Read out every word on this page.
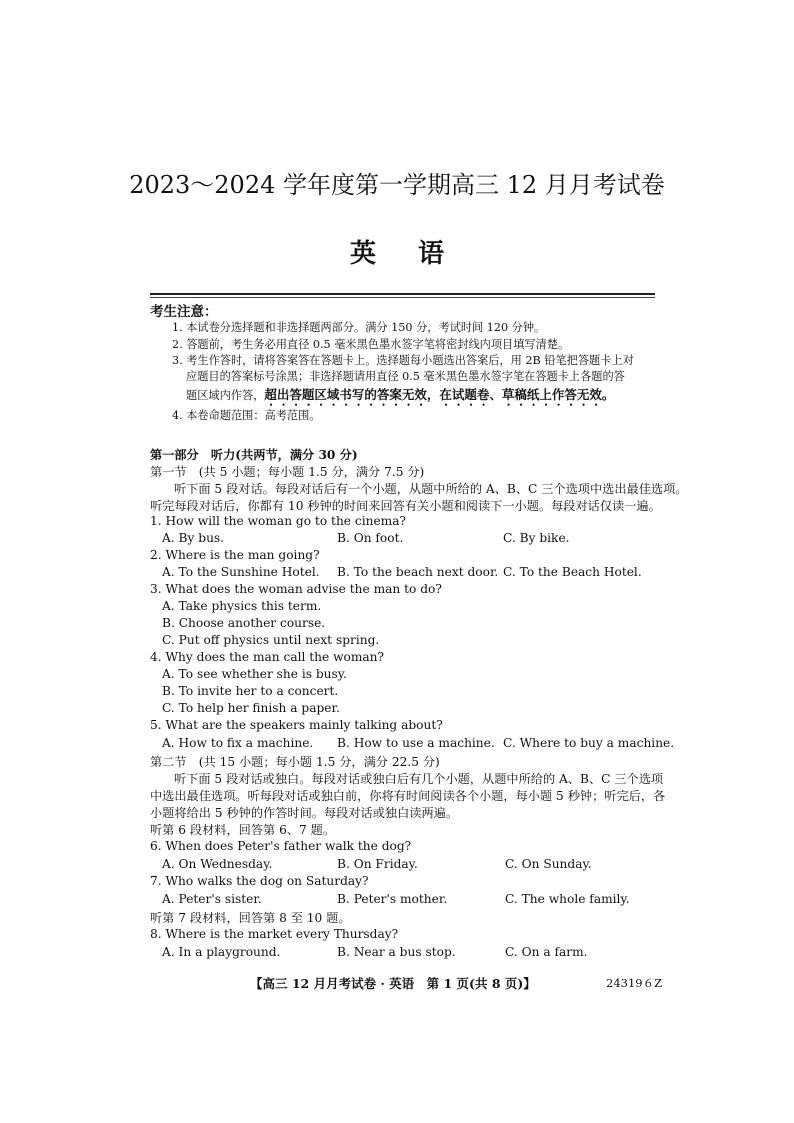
2023～2024 学年度第一学期高三 12 月月考试卷
英语
考生注意：
1. 本试卷分选择题和非选择题两部分。满分 150 分，考试时间 120 分钟。
2. 答题前，考生务必用直径 0.5 毫米黑色墨水签字笔将密封线内项目填写清楚。
3. 考生作答时，请将答案答在答题卡上。选择题每小题选出答案后，用 2B 铅笔把答题卡上对
应题目的答案标号涂黑；非选择题请用直径 0.5 毫米黑色墨水签字笔在答题卡上各题的答
题区域内作答，超出答题区域书写的答案无效，在试题卷、草稿纸上作答无效。
4. 本卷命题范围：高考范围。
第一部分　听力(共两节，满分 30 分)
第一节　(共 5 小题；每小题 1.5 分，满分 7.5 分)
听下面 5 段对话。每段对话后有一个小题，从题中所给的 A、B、C 三个选项中选出最佳选项。
听完每段对话后，你都有 10 秒钟的时间来回答有关小题和阅读下一小题。每段对话仅读一遍。
1. How will the woman go to the cinema?
A. By bus.	B. On foot.	C. By bike.
2. Where is the man going?
A. To the Sunshine Hotel. B. To the beach next door. C. To the Beach Hotel.
3. What does the woman advise the man to do?
A. Take physics this term.
B. Choose another course.
C. Put off physics until next spring.
4. Why does the man call the woman?
A. To see whether she is busy.
B. To invite her to a concert.
C. To help her finish a paper.
5. What are the speakers mainly talking about?
A. How to fix a machine. B. How to use a machine. C. Where to buy a machine.
第二节　(共 15 小题；每小题 1.5 分，满分 22.5 分)
听下面 5 段对话或独白。每段对话或独白后有几个小题，从题中所给的 A、B、C 三个选项
中选出最佳选项。听每段对话或独白前，你将有时间阅读各个小题，每小题 5 秒钟；听完后，各
小题将给出 5 秒钟的作答时间。每段对话或独白读两遍。
听第 6 段材料，回答第 6、7 题。
6. When does Peter's father walk the dog?
A. On Wednesday.	B. On Friday.	C. On Sunday.
7. Who walks the dog on Saturday?
A. Peter's sister.	B. Peter's mother.	C. The whole family.
听第 7 段材料，回答第 8 至 10 题。
8. Where is the market every Thursday?
A. In a playground.	B. Near a bus stop.	C. On a farm.
【高三 12 月月考试卷 · 英语　第 1 页(共 8 页)】	24319６Z
